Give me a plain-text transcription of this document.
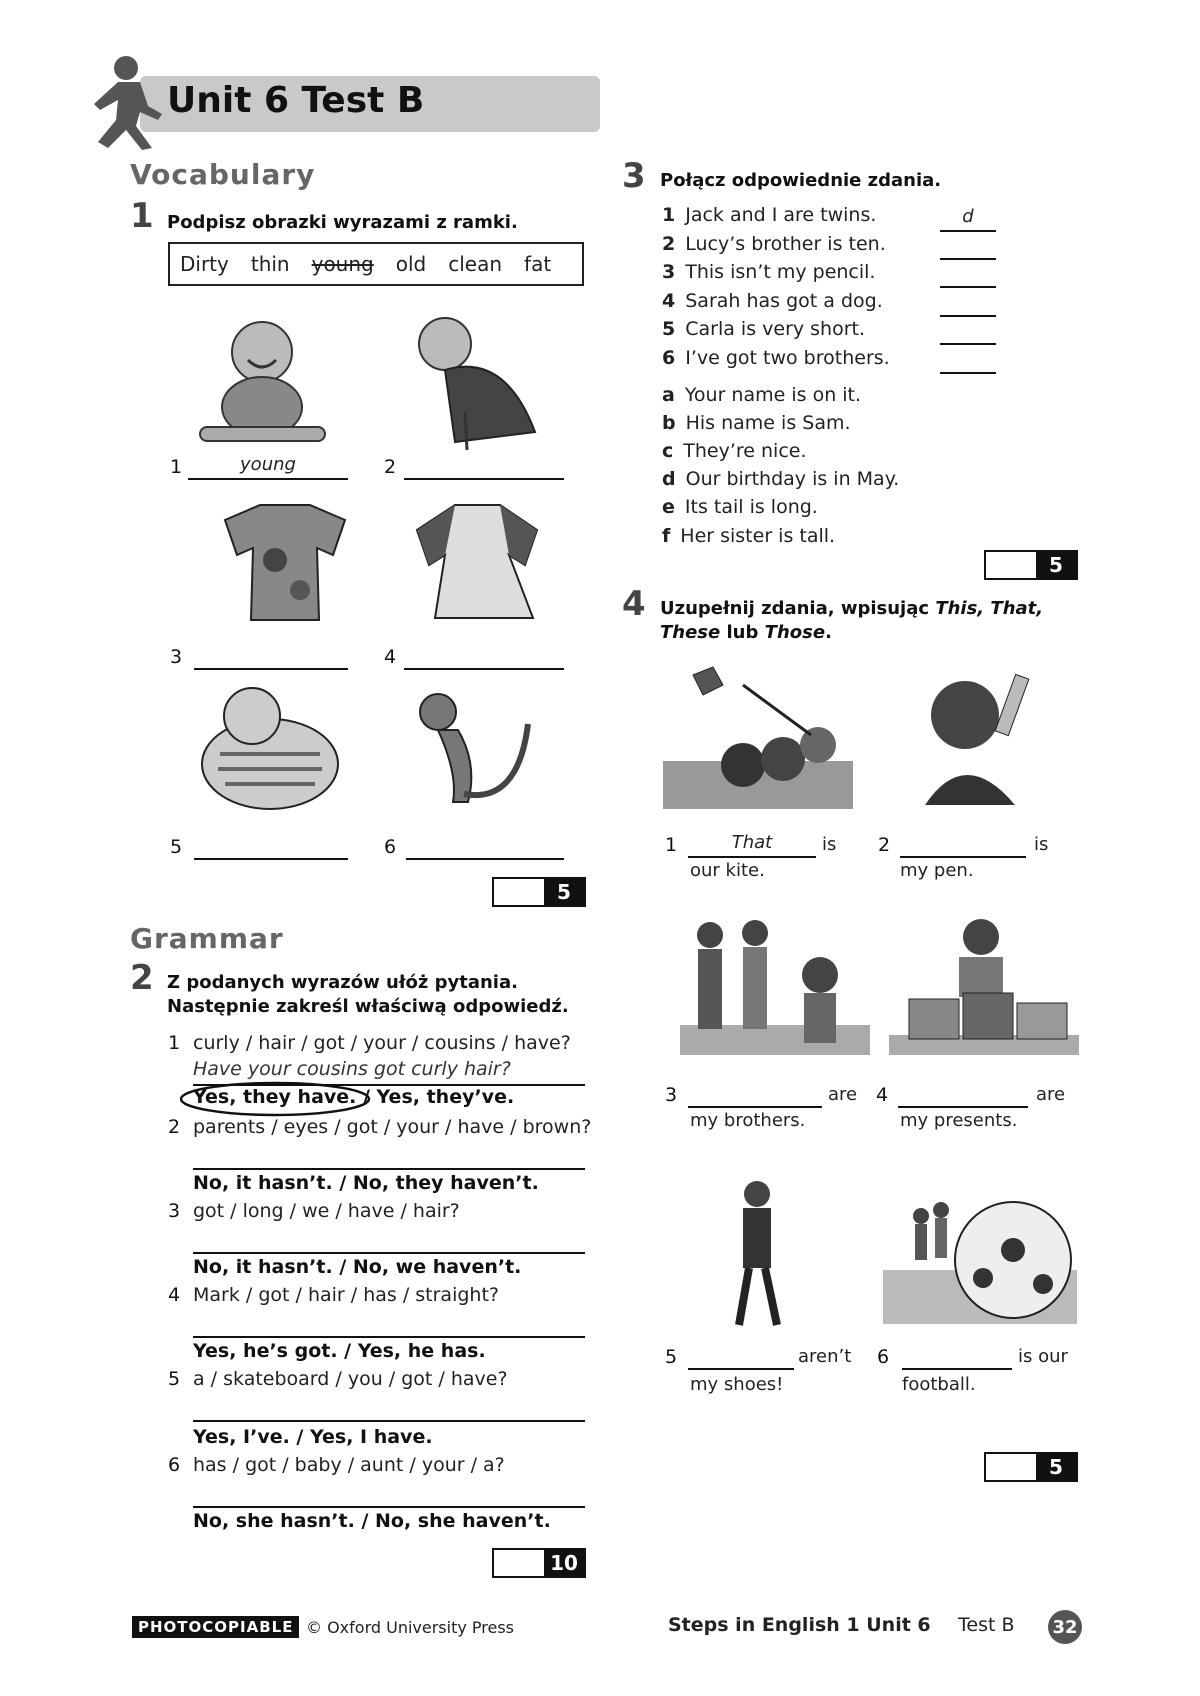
Unit 6 Test B
Vocabulary
1 Podpisz obrazki wyrazami z ramki.
Dirty thin young old clean fat
1	young	2
3	4
5	6
5
Grammar
2 Z podanych wyrazów ułóż pytania.
Następnie zakreśl właściwą odpowiedź.
1 curly / hair / got / your / cousins / have?
Have your cousins got curly hair?
Yes, they have. / Yes, they’ve.
2 parents / eyes / got / your / have / brown?
No, it hasn’t. / No, they haven’t.
3 got / long / we / have / hair?
No, it hasn’t. / No, we haven’t.
4 Mark / got / hair / has / straight?
Yes, he’s got. / Yes, he has.
5 a / skateboard / you / got / have?
Yes, I’ve. / Yes, I have.
6 has / got / baby / aunt / your / a?
No, she hasn’t. / No, she haven’t.
10
3 Połącz odpowiednie zdania.
1 Jack and I are twins.	d
2 Lucy’s brother is ten.
3 This isn’t my pencil.
4 Sarah has got a dog.
5 Carla is very short.
6 I’ve got two brothers.
a Your name is on it.
b His name is Sam.
c They’re nice.
d Our birthday is in May.
e Its tail is long.
f Her sister is tall.
5
4 Uzupełnij zdania, wpisując This, That,
These lub Those.
1	That	is
our kite.
2	is
my pen.
3	are
my brothers.
4	are
my presents.
5	aren’t
my shoes!
6	is our
football.
5
PHOTOCOPIABLE © Oxford University Press	Steps in English 1 Unit 6 Test B 32
